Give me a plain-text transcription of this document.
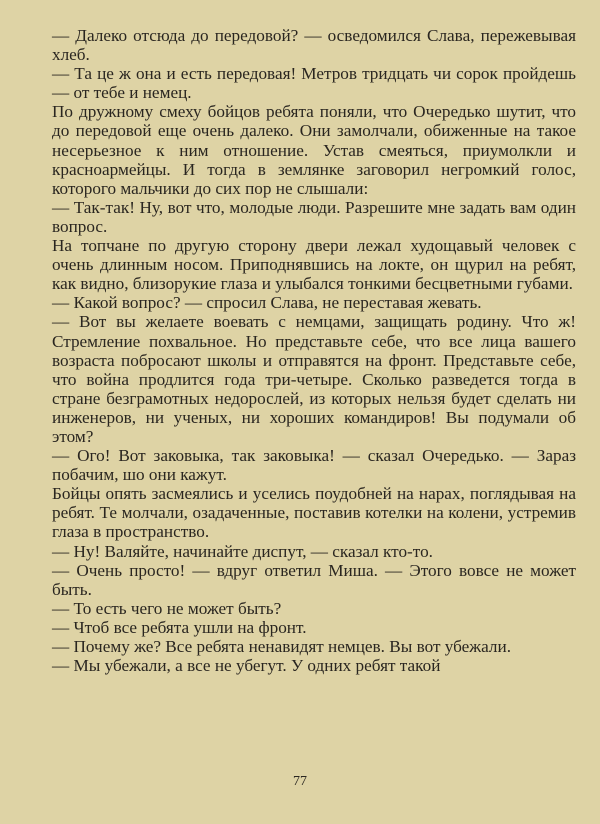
— Далеко отсюда до передовой? — осведомился Слава, пережевывая хлеб.

— Та це ж она и есть передовая! Метров тридцать чи сорок пройдешь — от тебе и немец.

По дружному смеху бойцов ребята поняли, что Очередько шутит, что до передовой еще очень далеко. Они замолчали, обиженные на такое несерьезное к ним отношение. Устав смеяться, приумолкли и красноармейцы. И тогда в землянке заговорил негромкий голос, которого мальчики до сих пор не слышали:

— Так-так! Ну, вот что, молодые люди. Разрешите мне задать вам один вопрос.

На топчане по другую сторону двери лежал худощавый человек с очень длинным носом. Приподнявшись на локте, он щурил на ребят, как видно, близорукие глаза и улыбался тонкими бесцветными губами.

— Какой вопрос? — спросил Слава, не переставая жевать.

— Вот вы желаете воевать с немцами, защищать родину. Что ж! Стремление похвальное. Но представьте себе, что все лица вашего возраста побросают школы и отправятся на фронт. Представьте себе, что война продлится года три-четыре. Сколько разведется тогда в стране безграмотных недорослей, из которых нельзя будет сделать ни инженеров, ни ученых, ни хороших командиров! Вы подумали об этом?

— Ого! Вот заковыка, так заковыка! — сказал Очередько. — Зараз побачим, шо они кажут.

Бойцы опять засмеялись и уселись поудобней на нарах, поглядывая на ребят. Те молчали, озадаченные, поставив котелки на колени, устремив глаза в пространство.

— Ну! Валяйте, начинайте диспут, — сказал кто-то.

— Очень просто! — вдруг ответил Миша. — Этого вовсе не может быть.

— То есть чего не может быть?

— Чтоб все ребята ушли на фронт.

— Почему же? Все ребята ненавидят немцев. Вы вот убежали.

— Мы убежали, а все не убегут. У одних ребят такой

77
